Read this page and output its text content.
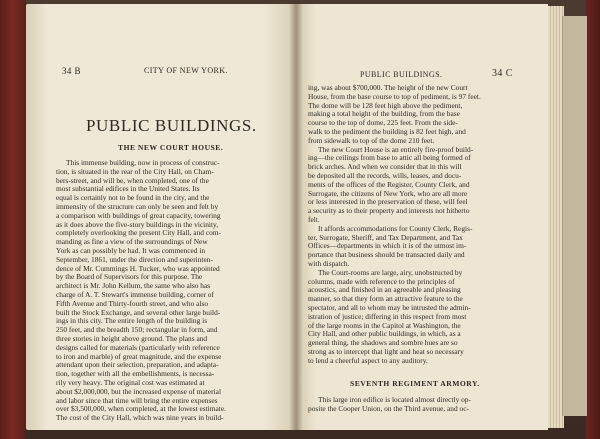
34 B	CITY OF NEW YORK.
PUBLIC BUILDINGS.
THE NEW COURT HOUSE.
This immense building, now in process of construc-
tion, is situated in the rear of the City Hall, on Cham-
bers-street, and will be, when completed, one of the
most substantial edifices in the United States. Its
equal is certainly not to be found in the city, and the
immensity of the structure can only be seen and felt by
a comparison with buildings of great capacity, towering
as it does above the five-story buildings in the vicinity,
completely overlooking the present City Hall, and com-
manding as fine a view of the surroundings of New
York as can possibly be had. It was commenced in
September, 1861, under the direction and superinten-
dence of Mr. Cummings H. Tucker, who was appointed
by the Board of Supervisors for this purpose. The
architect is Mr. John Kellum, the same who also has
charge of A. T. Stewart's immense building, corner of
Fifth Avenue and Thirty-fourth street, and who also
built the Stock Exchange, and several other large build-
ings in this city. The entire length of the building is
250 feet, and the breadth 150; rectangular in form, and
three stories in height above ground. The plans and
designs called for materials (particularly with reference
to iron and marble) of great magnitude, and the expense
attendant upon their selection, preparation, and adapta-
tion, together with all the embellishments, is necessa-
rily very heavy. The original cost was estimated at
about $2,000,000, but the increased expense of material
and labor since that time will bring the entire expenses
over $3,500,000, when completed, at the lowest estimate.
The cost of the City Hall, which was nine years in build-
PUBLIC BUILDINGS.	34 C
ing, was about $700,000. The height of the new Court
House, from the base course to top of pediment, is 97 feet.
The dome will be 128 feet high above the pediment,
making a total height of the building, from the base
course to the top of dome, 225 feet. From the side-
walk to the pediment the building is 82 feet high, and
from sidewalk to top of the dome 210 feet.
The new Court House is an entirely fire-proof build-
ing—the ceilings from base to attic all being formed of
brick arches. And when we consider that in this will
be deposited all the records, wills, leases, and docu-
ments of the offices of the Register, County Clerk, and
Surrogate, the citizens of New York, who are all more
or less interested in the preservation of these, will feel
a security as to their property and interests not hitherto
felt.
It affords accommodations for County Clerk, Regis-
ter, Surrogate, Sheriff, and Tax Department, and Tax
Offices—departments in which it is of the utmost im-
portance that business should be transacted daily and
with dispatch.
The Court-rooms are large, airy, unobstructed by
columns, made with reference to the principles of
acoustics, and finished in an agreeable and pleasing
manner, so that they form an attractive feature to the
spectator, and all to whom may be intrusted the admin-
istration of justice; differing in this respect from most
of the large rooms in the Capitol at Washington, the
City Hall, and other public buildings, in which, as a
general thing, the shadows and sombre hues are so
strong as to intercept that light and heat so necessary
to lend a cheerful aspect to any auditory.
SEVENTH REGIMENT ARMORY.
This large iron edifice is located almost directly op-
posite the Cooper Union, on the Third avenue, and oc-
